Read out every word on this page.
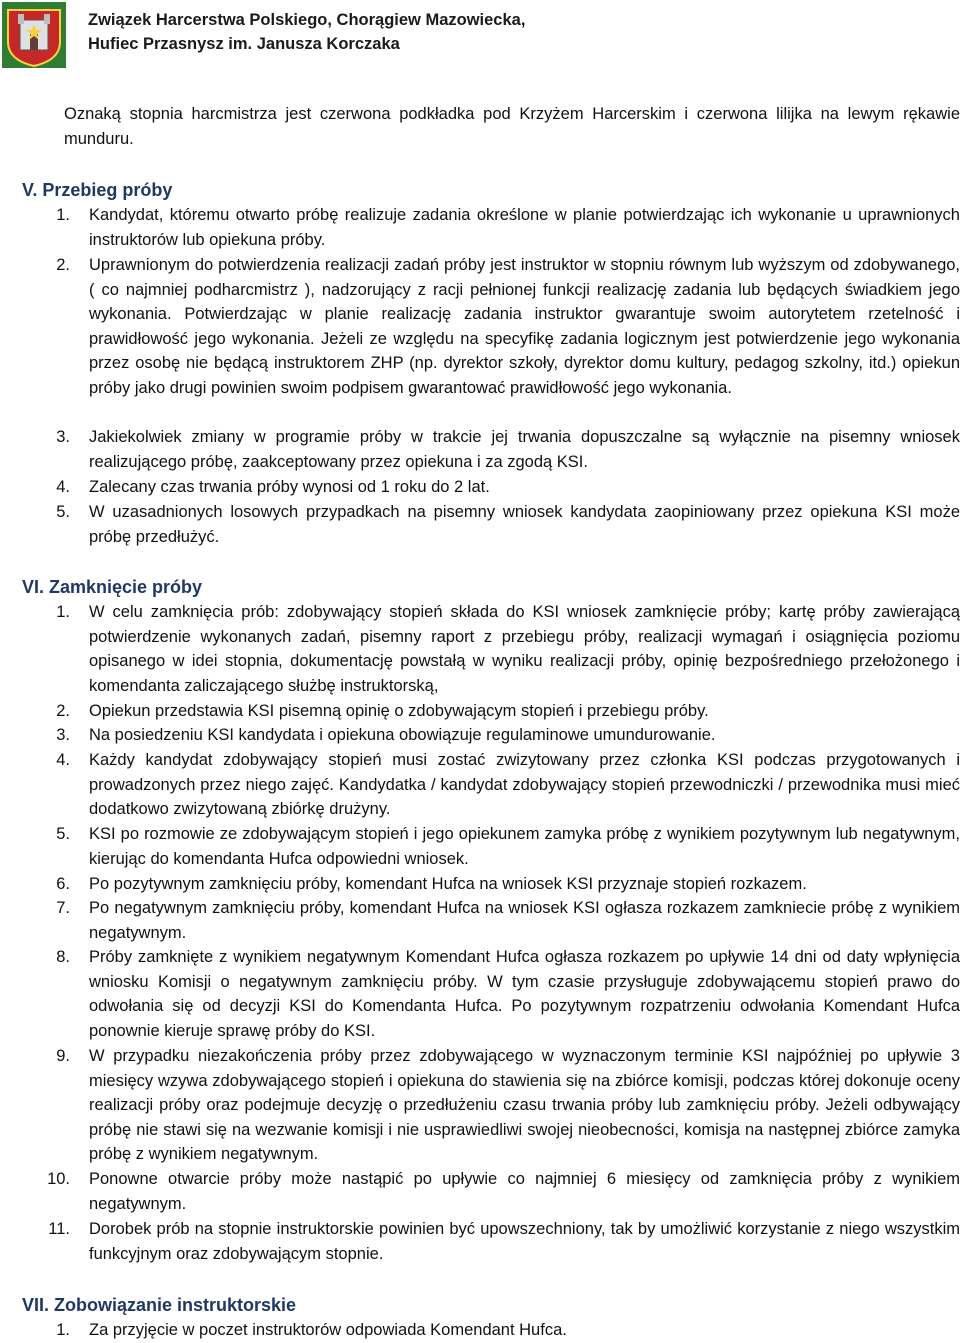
Związek Harcerstwa Polskiego, Chorągiew Mazowiecka,
Hufiec Przasnysz im. Janusza Korczaka
Oznaką stopnia harcmistrza jest czerwona podkładka pod Krzyżem Harcerskim i czerwona lilijka na lewym rękawie munduru.
V. Przebieg próby
1. Kandydat, któremu otwarto próbę realizuje zadania określone w planie potwierdzając ich wykonanie u uprawnionych instruktorów lub opiekuna próby.
2. Uprawnionym do potwierdzenia realizacji zadań próby jest instruktor w stopniu równym lub wyższym od zdobywanego, ( co najmniej podharcmistrz ), nadzorujący z racji pełnionej funkcji realizację zadania lub będących świadkiem jego wykonania. Potwierdzając w planie realizację zadania instruktor gwarantuje swoim autorytetem rzetelność i prawidłowość jego wykonania. Jeżeli ze względu na specyfikę zadania logicznym jest potwierdzenie jego wykonania przez osobę nie będącą instruktorem ZHP (np. dyrektor szkoły, dyrektor domu kultury, pedagog szkolny, itd.) opiekun próby jako drugi powinien swoim podpisem gwarantować prawidłowość jego wykonania.
3. Jakiekolwiek zmiany w programie próby w trakcie jej trwania dopuszczalne są wyłącznie na pisemny wniosek realizującego próbę, zaakceptowany przez opiekuna i za zgodą KSI.
4. Zalecany czas trwania próby wynosi od 1 roku do 2 lat.
5. W uzasadnionych losowych przypadkach na pisemny wniosek kandydata zaopiniowany przez opiekuna KSI może próbę przedłużyć.
VI. Zamknięcie próby
1. W celu zamknięcia prób: zdobywający stopień składa do KSI wniosek zamknięcie próby; kartę próby zawierającą potwierdzenie wykonanych zadań, pisemny raport z przebiegu próby, realizacji wymagań i osiągnięcia poziomu opisanego w idei stopnia, dokumentację powstałą w wyniku realizacji próby, opinię bezpośredniego przełożonego i komendanta zaliczającego służbę instruktorską,
2. Opiekun przedstawia KSI pisemną opinię o zdobywającym stopień i przebiegu próby.
3. Na posiedzeniu KSI kandydata i opiekuna obowiązuje regulaminowe umundurowanie.
4. Każdy kandydat zdobywający stopień musi zostać zwizytowany przez członka KSI podczas przygotowanych i prowadzonych przez niego zajęć. Kandydatka / kandydat zdobywający stopień przewodniczki / przewodnika musi mieć dodatkowo zwizytowaną zbiórkę drużyny.
5. KSI po rozmowie ze zdobywającym stopień i jego opiekunem zamyka próbę z wynikiem pozytywnym lub negatywnym, kierując do komendanta Hufca odpowiedni wniosek.
6. Po pozytywnym zamknięciu próby, komendant Hufca na wniosek KSI przyznaje stopień rozkazem.
7. Po negatywnym zamknięciu próby, komendant Hufca na wniosek KSI ogłasza rozkazem zamkniecie próbę z wynikiem negatywnym.
8. Próby zamknięte z wynikiem negatywnym Komendant Hufca ogłasza rozkazem po upływie 14 dni od daty wpłynięcia wniosku Komisji o negatywnym zamknięciu próby. W tym czasie przysługuje zdobywającemu stopień prawo do odwołania się od decyzji KSI do Komendanta Hufca. Po pozytywnym rozpatrzeniu odwołania Komendant Hufca ponownie kieruje sprawę próby do KSI.
9. W przypadku niezakończenia próby przez zdobywającego w wyznaczonym terminie KSI najpóźniej po upływie 3 miesięcy wzywa zdobywającego stopień i opiekuna do stawienia się na zbiórce komisji, podczas której dokonuje oceny realizacji próby oraz podejmuje decyzję o przedłużeniu czasu trwania próby lub zamknięciu próby. Jeżeli odbywający próbę nie stawi się na wezwanie komisji i nie usprawiedliwi swojej nieobecności, komisja na następnej zbiórce zamyka próbę z wynikiem negatywnym.
10. Ponowne otwarcie próby może nastąpić po upływie co najmniej 6 miesięcy od zamknięcia próby z wynikiem negatywnym.
11. Dorobek prób na stopnie instruktorskie powinien być upowszechniony, tak by umożliwić korzystanie z niego wszystkim funkcyjnym oraz zdobywającym stopnie.
VII. Zobowiązanie instruktorskie
1. Za przyjęcie w poczet instruktorów odpowiada Komendant Hufca.
